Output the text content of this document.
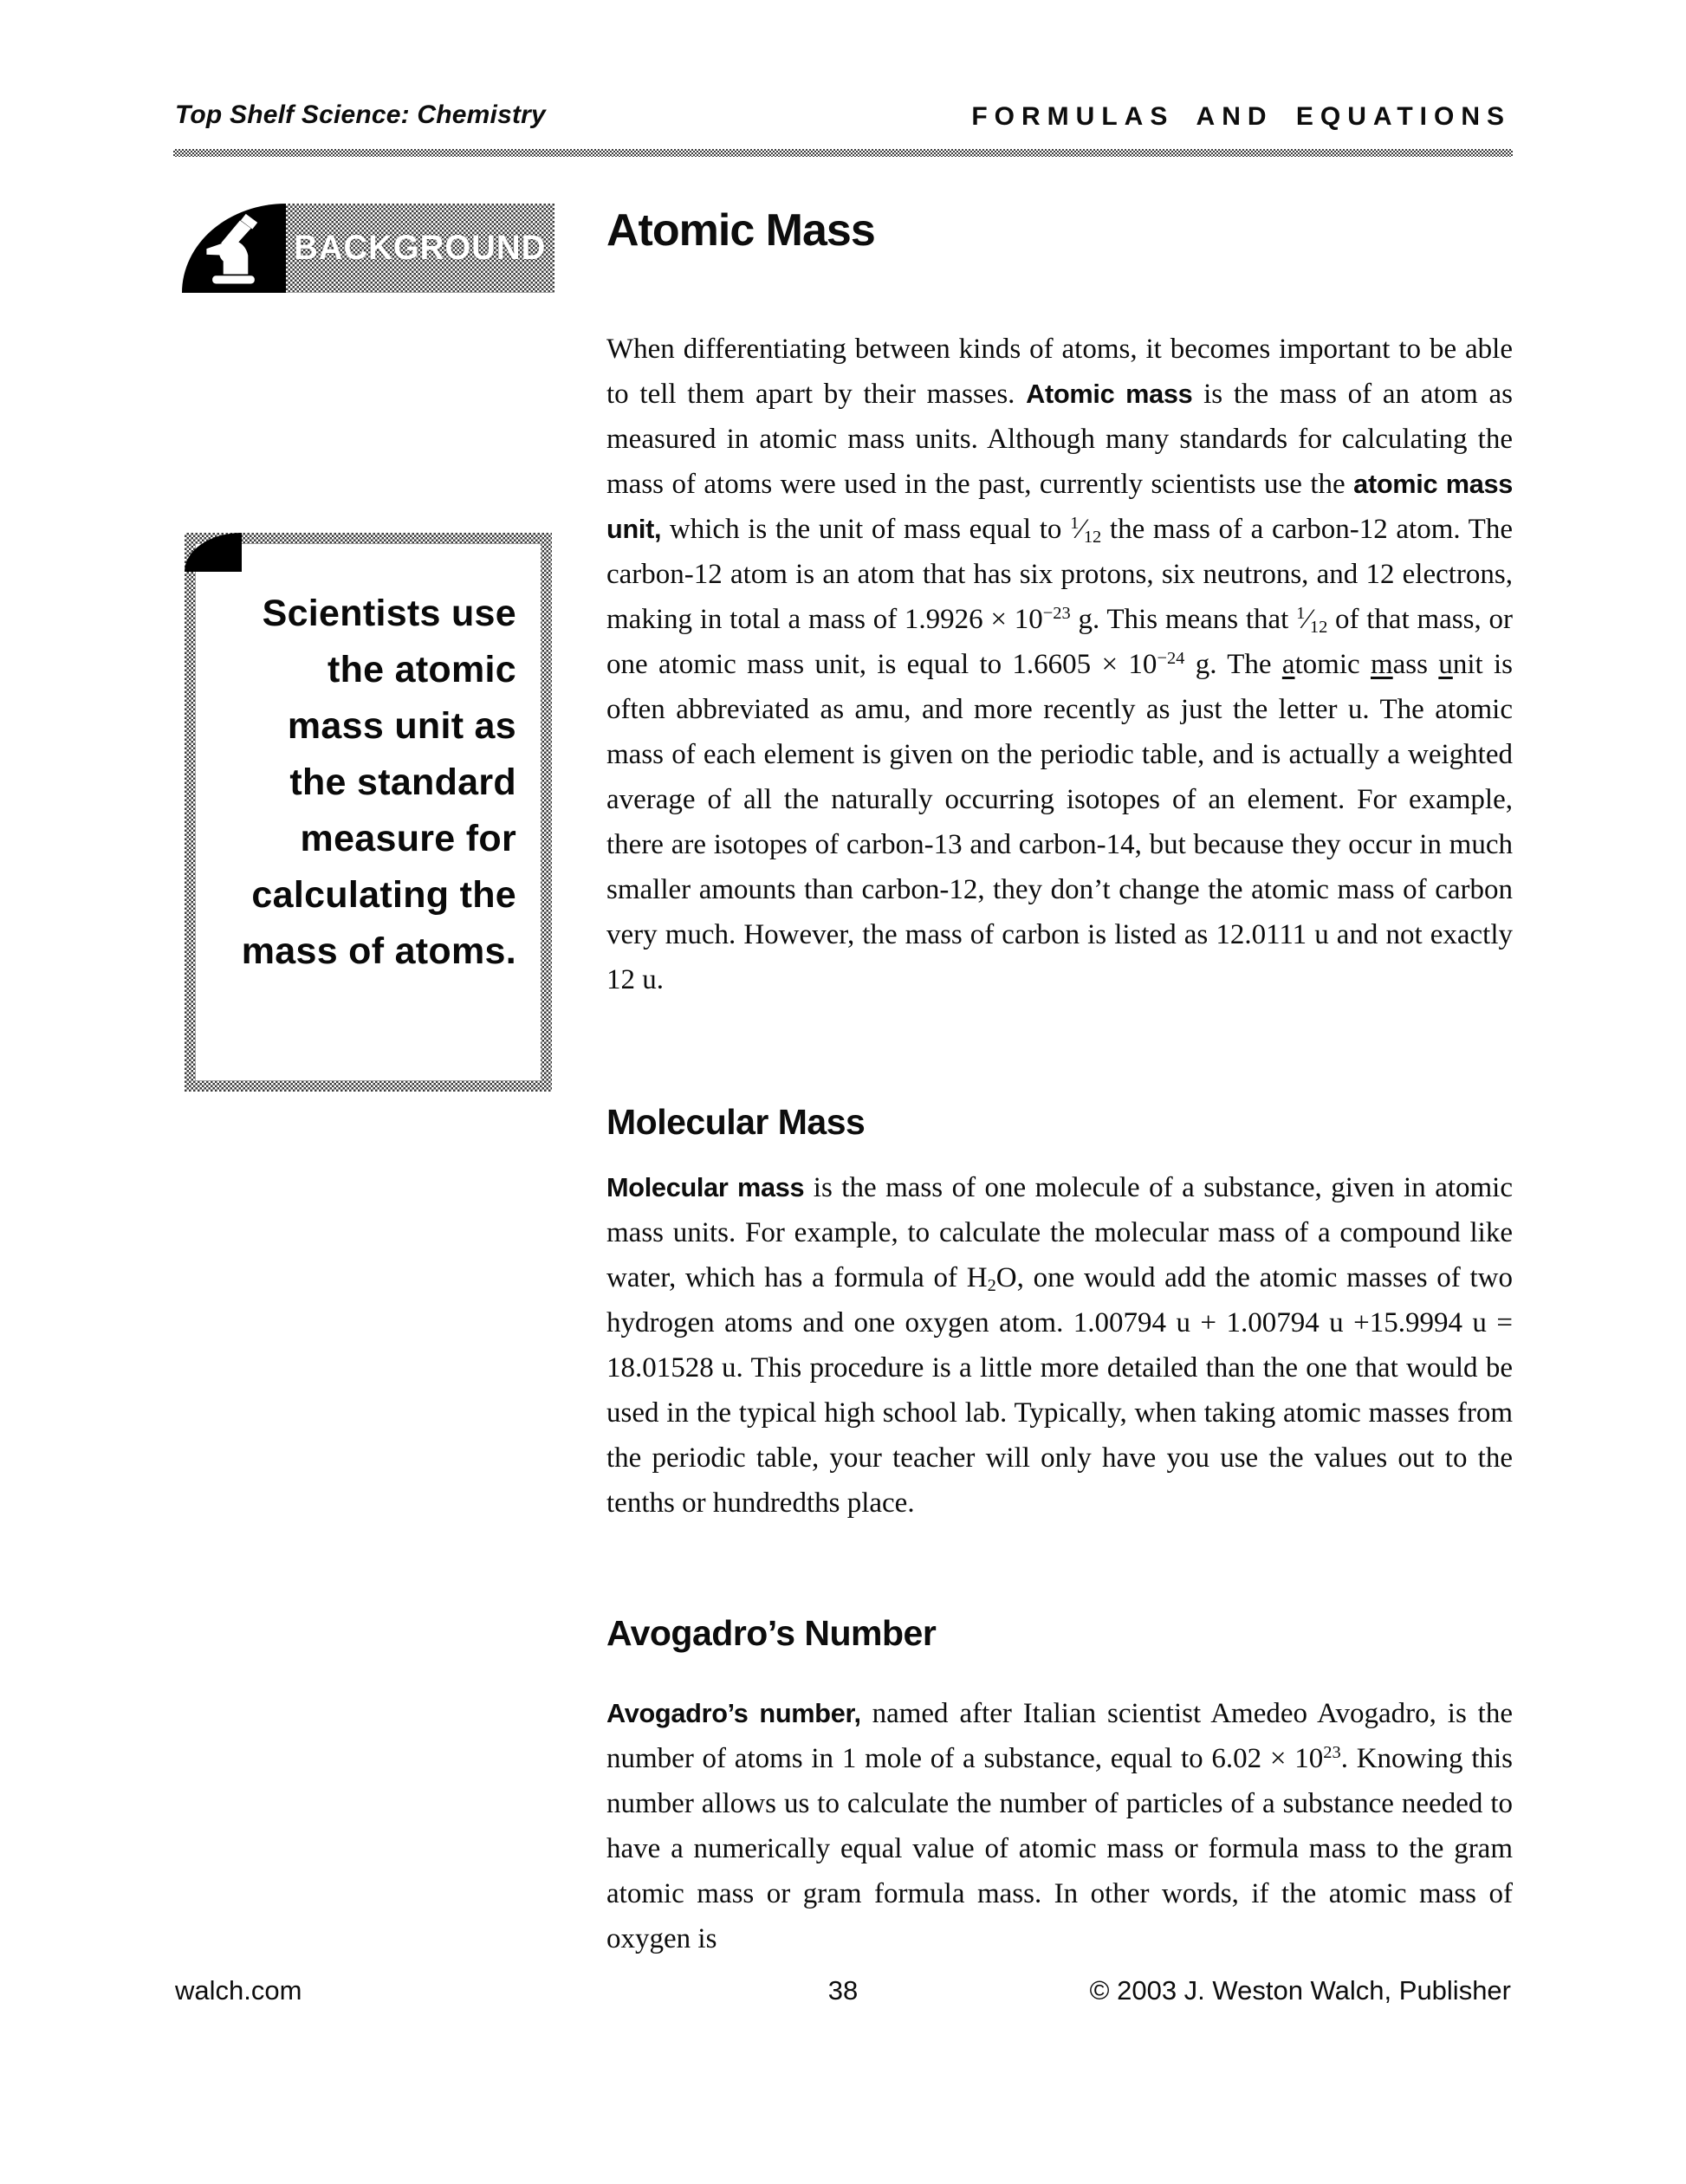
Top Shelf Science: Chemistry	FORMULAS AND EQUATIONS
BACKGROUND
Scientists use
the atomic
mass unit as
the standard
measure for
calculating the
mass of atoms.
Atomic Mass

When differentiating between kinds of atoms, it becomes important to be able to tell them apart by their masses. Atomic mass is the mass of an atom as measured in atomic mass units. Although many standards for calculating the mass of atoms were used in the past, currently scientists use the atomic mass unit, which is the unit of mass equal to $^1$⁄12 the mass of a carbon-12 atom. The carbon-12 atom is an atom that has six protons, six neutrons, and 12 electrons, making in total a mass of $1.9926 \times 10^{-23}$ g. This means that $^1$⁄12 of that mass, or one atomic mass unit, is equal to $1.6605 \times 10^{-24}$ g. The atomic mass unit is often abbreviated as amu, and more recently as just the letter u. The atomic mass of each element is given on the periodic table, and is actually a weighted average of all the naturally occurring isotopes of an element. For example, there are isotopes of carbon-13 and carbon-14, but because they occur in much smaller amounts than carbon-12, they don’t change the atomic mass of carbon very much. However, the mass of carbon is listed as 12.0111 u and not exactly 12 u.

Molecular Mass

Molecular mass is the mass of one molecule of a substance, given in atomic mass units. For example, to calculate the molecular mass of a compound like water, which has a formula of H2O, one would add the atomic masses of two hydrogen atoms and one oxygen atom. 1.00794 u + 1.00794 u +15.9994 u = 18.01528 u. This procedure is a little more detailed than the one that would be used in the typical high school lab. Typically, when taking atomic masses from the periodic table, your teacher will only have you use the values out to the tenths or hundredths place.

Avogadro’s Number

Avogadro’s number, named after Italian scientist Amedeo Avogadro, is the number of atoms in 1 mole of a substance, equal to $6.02 \times 10^{23}$. Knowing this number allows us to calculate the number of particles of a substance needed to have a numerically equal value of atomic mass or formula mass to the gram atomic mass or gram formula mass. In other words, if the atomic mass of oxygen is

38
walch.com	© 2003 J. Weston Walch, Publisher
